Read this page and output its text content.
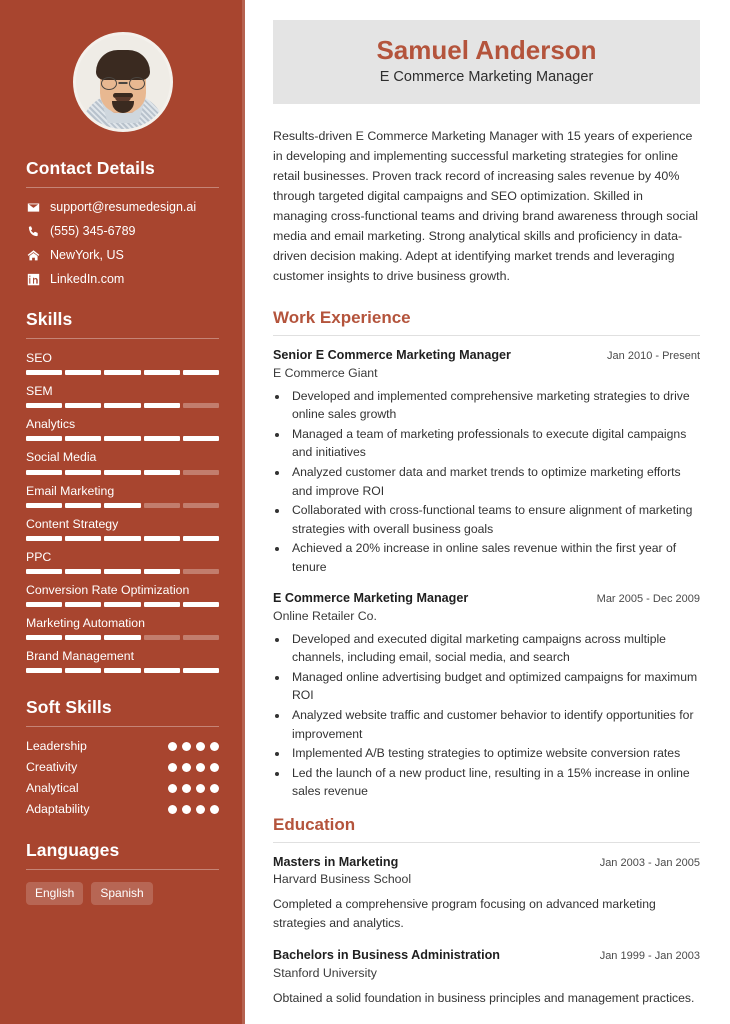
Contact Details
support@resumedesign.ai
(555) 345-6789
NewYork, US
LinkedIn.com
Skills
SEO
SEM
Analytics
Social Media
Email Marketing
Content Strategy
PPC
Conversion Rate Optimization
Marketing Automation
Brand Management
Soft Skills
Leadership
Creativity
Analytical
Adaptability
Languages
English	Spanish
Samuel Anderson
E Commerce Marketing Manager

Results-driven E Commerce Marketing Manager with 15 years of experience in developing and implementing successful marketing strategies for online retail businesses. Proven track record of increasing sales revenue by 40% through targeted digital campaigns and SEO optimization. Skilled in managing cross-functional teams and driving brand awareness through social media and email marketing. Strong analytical skills and proficiency in data-driven decision making. Adept at identifying market trends and leveraging customer insights to drive business growth.

Work Experience
Senior E Commerce Marketing Manager	Jan 2010 - Present
E Commerce Giant
• Developed and implemented comprehensive marketing strategies to drive online sales growth
• Managed a team of marketing professionals to execute digital campaigns and initiatives
• Analyzed customer data and market trends to optimize marketing efforts and improve ROI
• Collaborated with cross-functional teams to ensure alignment of marketing strategies with overall business goals
• Achieved a 20% increase in online sales revenue within the first year of tenure
E Commerce Marketing Manager	Mar 2005 - Dec 2009
Online Retailer Co.
• Developed and executed digital marketing campaigns across multiple channels, including email, social media, and search
• Managed online advertising budget and optimized campaigns for maximum ROI
• Analyzed website traffic and customer behavior to identify opportunities for improvement
• Implemented A/B testing strategies to optimize website conversion rates
• Led the launch of a new product line, resulting in a 15% increase in online sales revenue
Education
Masters in Marketing	Jan 2003 - Jan 2005
Harvard Business School
Completed a comprehensive program focusing on advanced marketing strategies and analytics.
Bachelors in Business Administration	Jan 1999 - Jan 2003
Stanford University
Obtained a solid foundation in business principles and management practices.
